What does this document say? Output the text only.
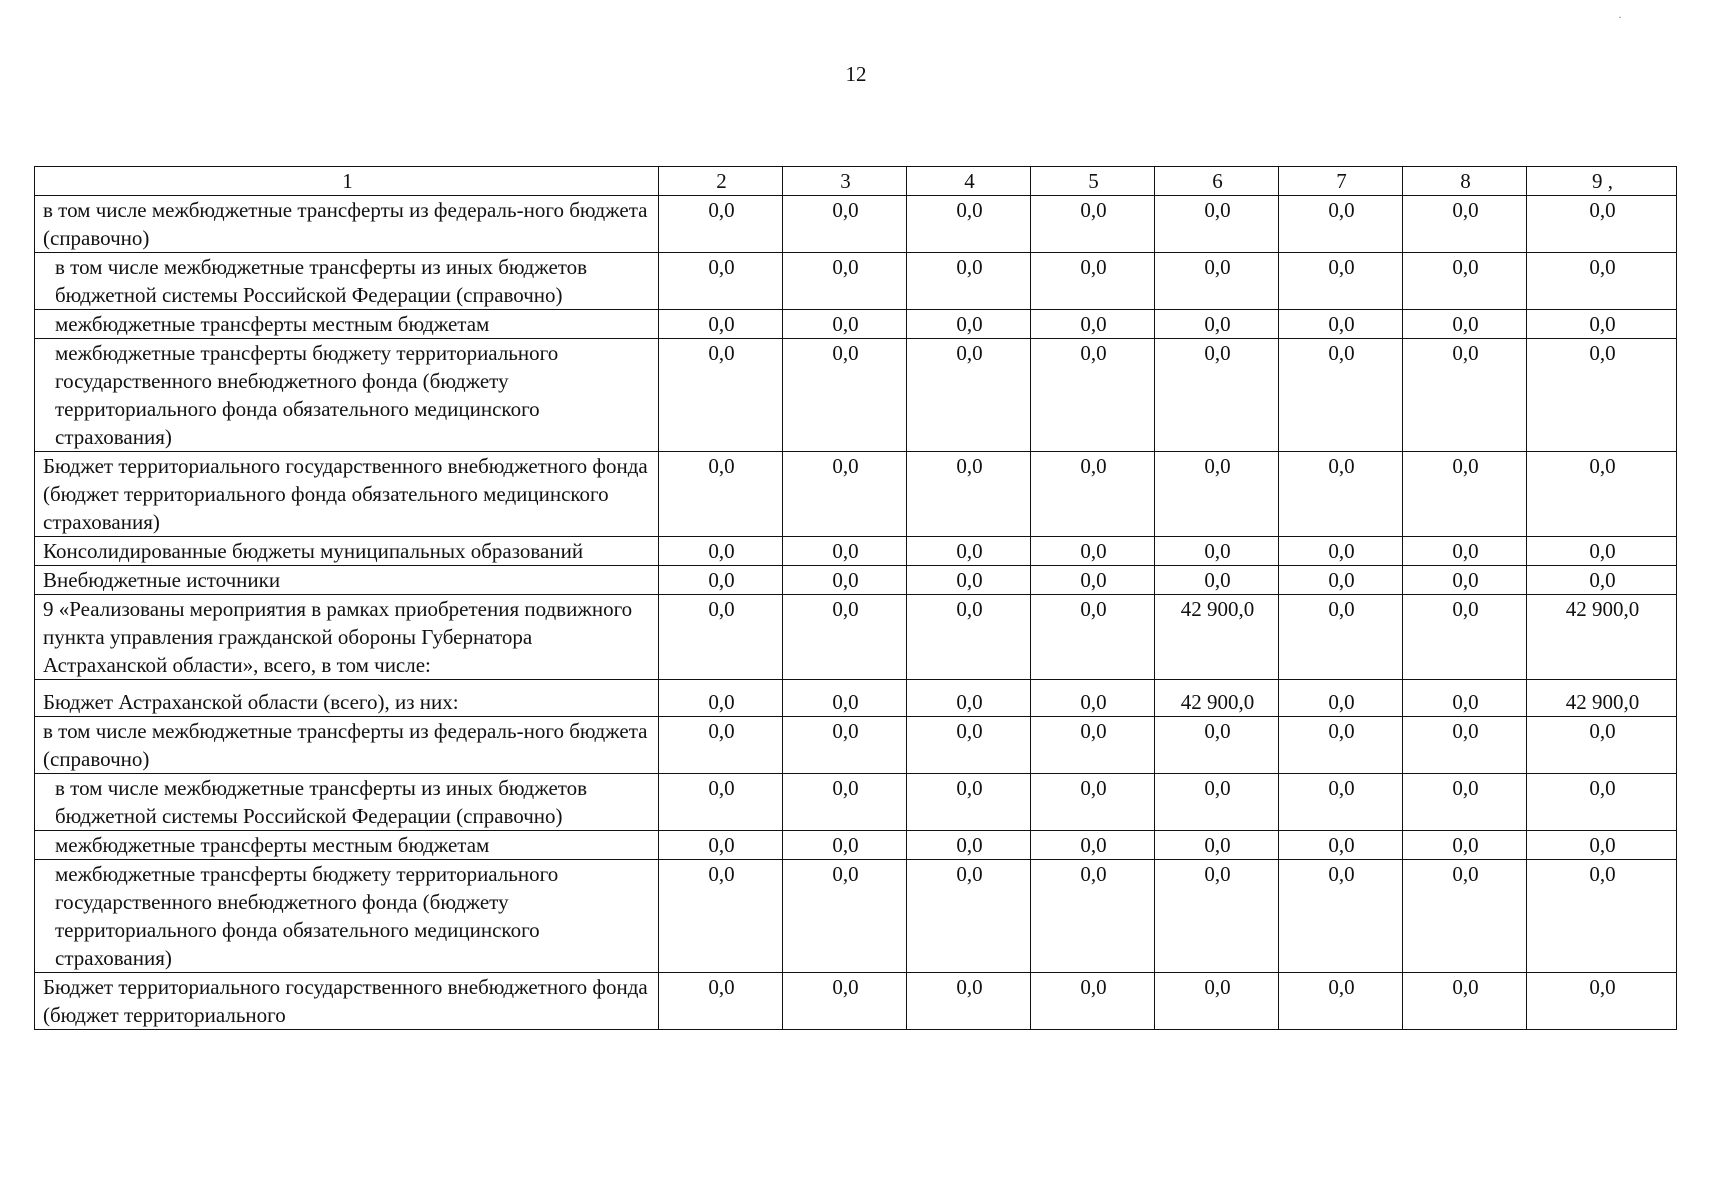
12
·
1	2	3	4	5	6	7	8	9 ,
в том числе межбюджетные трансферты из федераль-ного бюджета (справочно)	0,0	0,0	0,0	0,0	0,0	0,0	0,0	0,0
в том числе межбюджетные трансферты из иных бюджетов бюджетной системы Российской Федерации (справочно)	0,0	0,0	0,0	0,0	0,0	0,0	0,0	0,0
межбюджетные трансферты местным бюджетам	0,0	0,0	0,0	0,0	0,0	0,0	0,0	0,0
межбюджетные трансферты бюджету территориального государственного внебюджетного фонда (бюджету территориального фонда обязательного медицинского страхования)	0,0	0,0	0,0	0,0	0,0	0,0	0,0	0,0
Бюджет территориального государственного внебюджетного фонда (бюджет территориального фонда обязательного медицинского страхования)	0,0	0,0	0,0	0,0	0,0	0,0	0,0	0,0
Консолидированные бюджеты муниципальных образований	0,0	0,0	0,0	0,0	0,0	0,0	0,0	0,0
Внебюджетные источники	0,0	0,0	0,0	0,0	0,0	0,0	0,0	0,0
9 «Реализованы мероприятия в рамках приобретения подвижного пункта управления гражданской обороны Губернатора Астраханской области», всего, в том числе:	0,0	0,0	0,0	0,0	42 900,0	0,0	0,0	42 900,0
Бюджет Астраханской области (всего), из них:	0,0	0,0	0,0	0,0	42 900,0	0,0	0,0	42 900,0
в том числе межбюджетные трансферты из федераль-ного бюджета (справочно)	0,0	0,0	0,0	0,0	0,0	0,0	0,0	0,0
в том числе межбюджетные трансферты из иных бюджетов бюджетной системы Российской Федерации (справочно)	0,0	0,0	0,0	0,0	0,0	0,0	0,0	0,0
межбюджетные трансферты местным бюджетам	0,0	0,0	0,0	0,0	0,0	0,0	0,0	0,0
межбюджетные трансферты бюджету территориального государственного внебюджетного фонда (бюджету территориального фонда обязательного медицинского страхования)	0,0	0,0	0,0	0,0	0,0	0,0	0,0	0,0
Бюджет территориального государственного внебюджетного фонда (бюджет территориального	0,0	0,0	0,0	0,0	0,0	0,0	0,0	0,0
